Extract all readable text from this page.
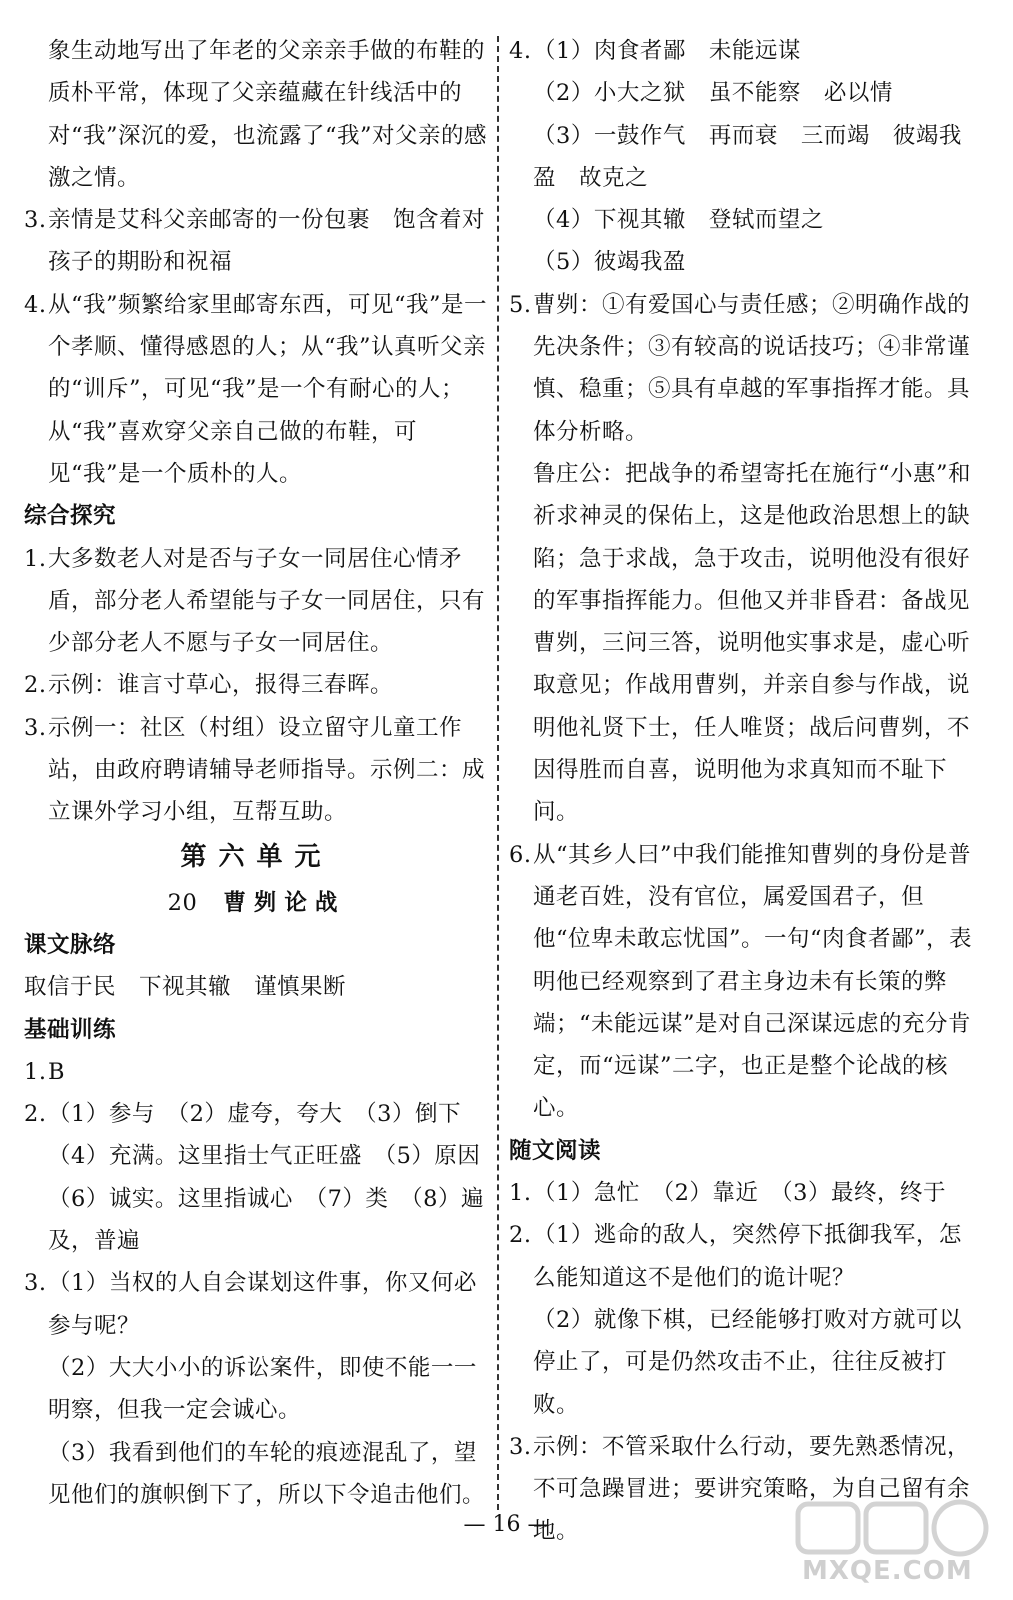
象生动地写出了年老的父亲亲手做的布鞋的质朴平常，体现了父亲蕴藏在针线活中的对“我”深沉的爱，也流露了“我”对父亲的感激之情。

3. 亲情是艾科父亲邮寄的一份包裹　饱含着对孩子的期盼和祝福

4. 从“我”频繁给家里邮寄东西，可见“我”是一个孝顺、懂得感恩的人；从“我”认真听父亲的“训斥”，可见“我”是一个有耐心的人；从“我”喜欢穿父亲自己做的布鞋，可见“我”是一个质朴的人。

综合探究

1. 大多数老人对是否与子女一同居住心情矛盾，部分老人希望能与子女一同居住，只有少部分老人不愿与子女一同居住。

2. 示例：谁言寸草心，报得三春晖。

3. 示例一：社区（村组）设立留守儿童工作站，由政府聘请辅导老师指导。示例二：成立课外学习小组，互帮互助。

第六单元

20 曹刿论战

课文脉络

取信于民　下视其辙　谨慎果断

基础训练

1. B

2. （1）参与　（2）虚夸，夸大　（3）倒下　（4）充满。这里指士气正旺盛　（5）原因　（6）诚实。这里指诚心　（7）类　（8）遍及，普遍

3. （1）当权的人自会谋划这件事，你又何必参与呢？

（2）大大小小的诉讼案件，即使不能一一明察，但我一定会诚心。

（3）我看到他们的车轮的痕迹混乱了，望见他们的旗帜倒下了，所以下令追击他们。

4. （1）肉食者鄙　未能远谋

（2）小大之狱　虽不能察　必以情

（3）一鼓作气　再而衰　三而竭　彼竭我盈　故克之

（4）下视其辙　登轼而望之

（5）彼竭我盈

5. 曹刿：①有爱国心与责任感；②明确作战的先决条件；③有较高的说话技巧；④非常谨慎、稳重；⑤具有卓越的军事指挥才能。具体分析略。

鲁庄公：把战争的希望寄托在施行“小惠”和祈求神灵的保佑上，这是他政治思想上的缺陷；急于求战，急于攻击，说明他没有很好的军事指挥能力。但他又并非昏君：备战见曹刿，三问三答，说明他实事求是，虚心听取意见；作战用曹刿，并亲自参与作战，说明他礼贤下士，任人唯贤；战后问曹刿，不因得胜而自喜，说明他为求真知而不耻下问。

6. 从“其乡人曰”中我们能推知曹刿的身份是普通老百姓，没有官位，属爱国君子，但他“位卑未敢忘忧国”。一句“肉食者鄙”，表明他已经观察到了君主身边未有长策的弊端；“未能远谋”是对自己深谋远虑的充分肯定，而“远谋”二字，也正是整个论战的核心。

随文阅读

1. （1）急忙　（2）靠近　（3）最终，终于

2. （1）逃命的敌人，突然停下抵御我军，怎么能知道这不是他们的诡计呢？

（2）就像下棋，已经能够打败对方就可以停止了，可是仍然攻击不止，往往反被打败。

3. 示例：不管采取什么行动，要先熟悉情况，不可急躁冒进；要讲究策略，为自己留有余地。

— 16 —
MXQE.COM
